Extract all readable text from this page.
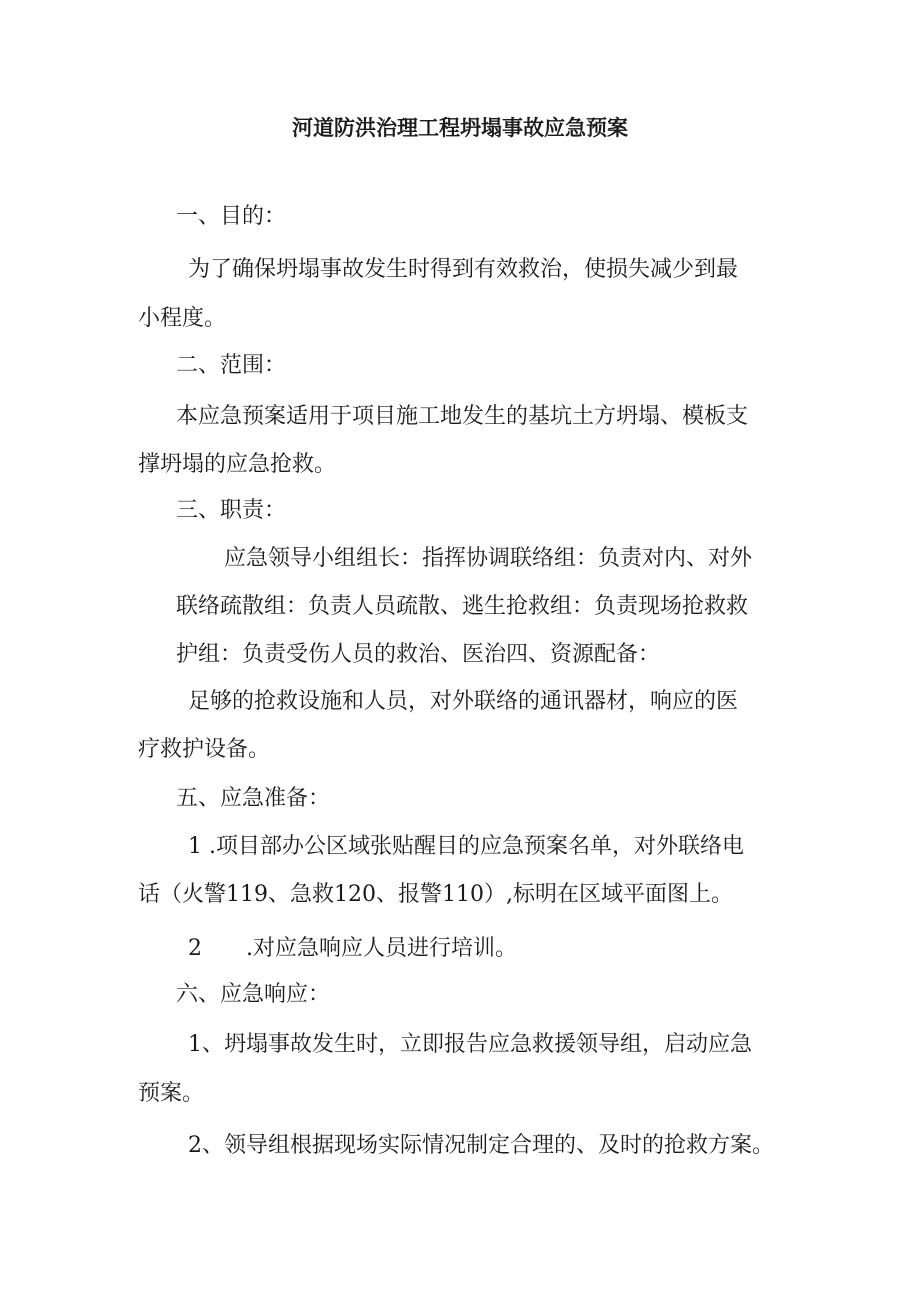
河道防洪治理工程坍塌事故应急预案

一、目的：

为了确保坍塌事故发生时得到有效救治，使损失减少到最

小程度。

二、范围：

本应急预案适用于项目施工地发生的基坑土方坍塌、模板支

撑坍塌的应急抢救。

三、职责：

应急领导小组组长：指挥协调联络组：负责对内、对外

联络疏散组：负责人员疏散、逃生抢救组：负责现场抢救救

护组：负责受伤人员的救治、医治四、资源配备：

足够的抢救设施和人员，对外联络的通讯器材，响应的医

疗救护设备。

五、应急准备：

1 .项目部办公区域张贴醒目的应急预案名单，对外联络电

话（火警119、急救120、报警110）,标明在区域平面图上。

2  .对应急响应人员进行培训。

六、应急响应：

1、坍塌事故发生时，立即报告应急救援领导组，启动应急

预案。

2、领导组根据现场实际情况制定合理的、及时的抢救方案。
